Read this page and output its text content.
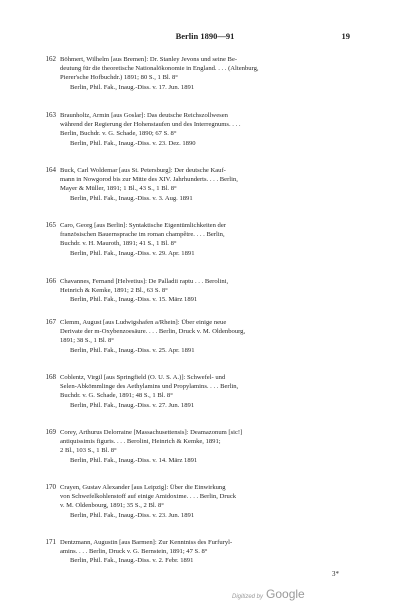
Berlin 1890—91	19
162 Böhmert, Wilhelm [aus Bremen]: Dr. Stanley Jevons und seine Be-
deutung für die theoretische Nationalökonomie in England. . . . (Altenburg,
Pierer'sche Hofbuchdr.) 1891; 80 S., 1 Bl. 8°
Berlin, Phil. Fak., Inaug.-Diss. v. 17. Jun. 1891
163 Braunholtz, Armin [aus Goslar]: Das deutsche Reichszollwesen
während der Regierung der Hohenstaufen und des Interregnums. . . .
Berlin, Buchdr. v. G. Schade, 1890; 67 S. 8°
Berlin, Phil. Fak., Inaug.-Diss. v. 23. Dez. 1890
164 Buck, Carl Woldemar [aus St. Petersburg]: Der deutsche Kauf-
mann in Nowgorod bis zur Mitte des XIV. Jahrhunderts. . . . Berlin,
Mayer & Müller, 1891; 1 Bl., 43 S., 1 Bl. 8°
Berlin, Phil. Fak., Inaug.-Diss. v. 3. Aug. 1891
165 Caro, Georg [aus Berlin]: Syntaktische Eigentümlichkeiten der
französischen Bauernsprache im roman champêtre. . . . Berlin,
Buchdr. v. H. Mauroth, 1891; 41 S., 1 Bl. 8°
Berlin, Phil. Fak., Inaug.-Diss. v. 29. Apr. 1891
166 Chavannes, Fernand [Helvetius]: De Palladii raptu . . . Berolini,
Heinrich & Kemke, 1891; 2 Bl., 63 S. 8°
Berlin, Phil. Fak., Inaug.-Diss. v. 15. März 1891
167 Clemm, August [aus Ludwigshafen a/Rhein]: Über einige neue
Derivate der m-Oxybenzoesäure. . . . Berlin, Druck v. M. Oldenbourg,
1891; 38 S., 1 Bl. 8°
Berlin, Phil. Fak., Inaug.-Diss. v. 25. Apr. 1891
168 Coblentz, Virgil [aus Springfield (O. U. S. A.)]: Schwefel- und
Selen-Abkömmlinge des Aethylamins und Propylamins. . . . Berlin,
Buchdr. v. G. Schade, 1891; 48 S., 1 Bl. 8°
Berlin, Phil. Fak., Inaug.-Diss. v. 27. Jun. 1891
169 Corey, Arthurus Delorraine [Massachusettensis]: Deamazonum [sic!]
antiquissimis figuris. . . . Berolini, Heinrich & Kemke, 1891;
2 Bl., 103 S., 1 Bl. 8°
Berlin, Phil. Fak., Inaug.-Diss. v. 14. März 1891
170 Crayen, Gustav Alexander [aus Leipzig]: Über die Einwirkung
von Schwefelkohlenstoff auf einige Amidoxime. . . . Berlin, Druck
v. M. Oldenbourg, 1891; 35 S., 2 Bl. 8°
Berlin, Phil. Fak., Inaug.-Diss. v. 23. Jun. 1891
171 Dentzmann, Augustin [aus Barmen]: Zur Kenntniss des Furfuryl-
amins. . . . Berlin, Druck v. G. Bernstein, 1891; 47 S. 8°
Berlin, Phil. Fak., Inaug.-Diss. v. 2. Febr. 1891
3*
Digitized by Google
